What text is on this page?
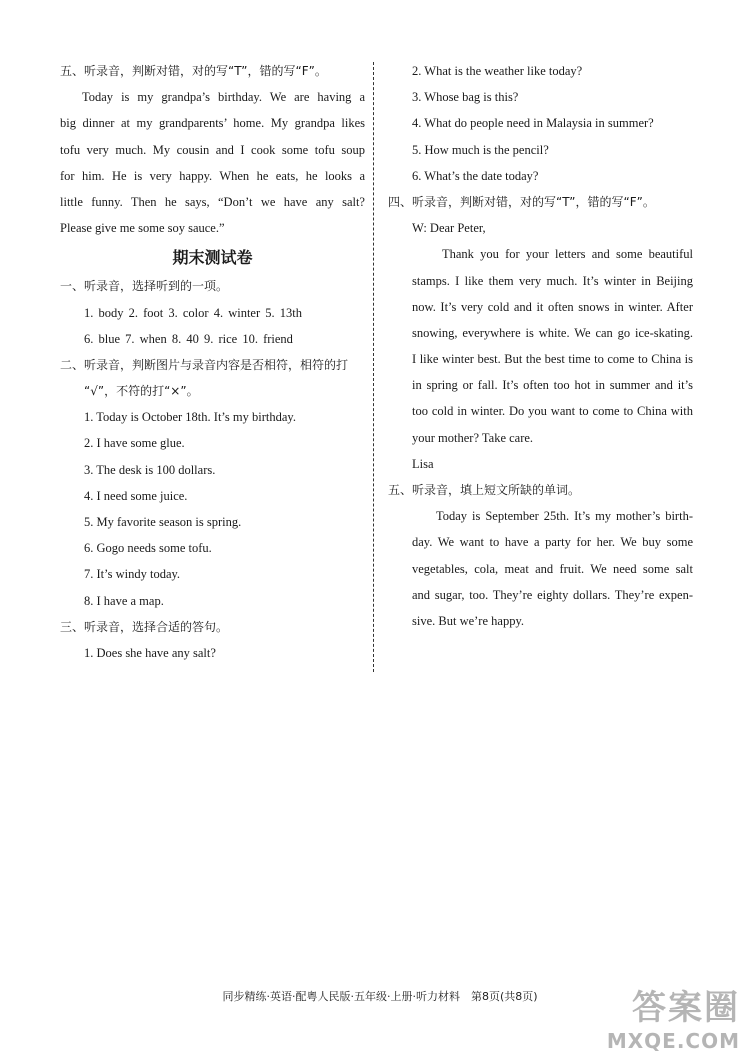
五、听录音，判断对错，对的写“T”，错的写“F”。
Today is my grandpa’s birthday. We are having a
big dinner at my grandparents’ home. My grandpa likes
tofu very much. My cousin and I cook some tofu soup
for him. He is very happy. When he eats, he looks a
little funny. Then he says, “Don’t we have any salt?
Please give me some soy sauce.”
期末测试卷
一、听录音，选择听到的一项。
1. body 2. foot 3. color 4. winter 5. 13th
6. blue 7. when 8. 40 9. rice 10. friend
二、听录音，判断图片与录音内容是否相符，相符的打
“√”，不符的打“×”。
1. Today is October 18th. It’s my birthday.
2. I have some glue.
3. The desk is 100 dollars.
4. I need some juice.
5. My favorite season is spring.
6. Gogo needs some tofu.
7. It’s windy today.
8. I have a map.
三、听录音，选择合适的答句。
1. Does she have any salt?
2. What is the weather like today?
3. Whose bag is this?
4. What do people need in Malaysia in summer?
5. How much is the pencil?
6. What’s the date today?
四、听录音，判断对错，对的写“T”，错的写“F”。
W: Dear Peter,
Thank you for your letters and some beautiful
stamps. I like them very much. It’s winter in Beijing
now. It’s very cold and it often snows in winter. After
snowing, everywhere is white. We can go ice-skating.
I like winter best. But the best time to come to China is
in spring or fall. It’s often too hot in summer and it’s
too cold in winter. Do you want to come to China with
your mother? Take care.
Lisa
五、听录音，填上短文所缺的单词。
Today is September 25th. It’s my mother’s birth-
day. We want to have a party for her. We buy some
vegetables, cola, meat and fruit. We need some salt
and sugar, too. They’re eighty dollars. They’re expen-
sive. But we’re happy.
同步精练·英语·配粤人民版·五年级·上册·听力材料　第8页(共8页)	答案圈
MXQE.COM
